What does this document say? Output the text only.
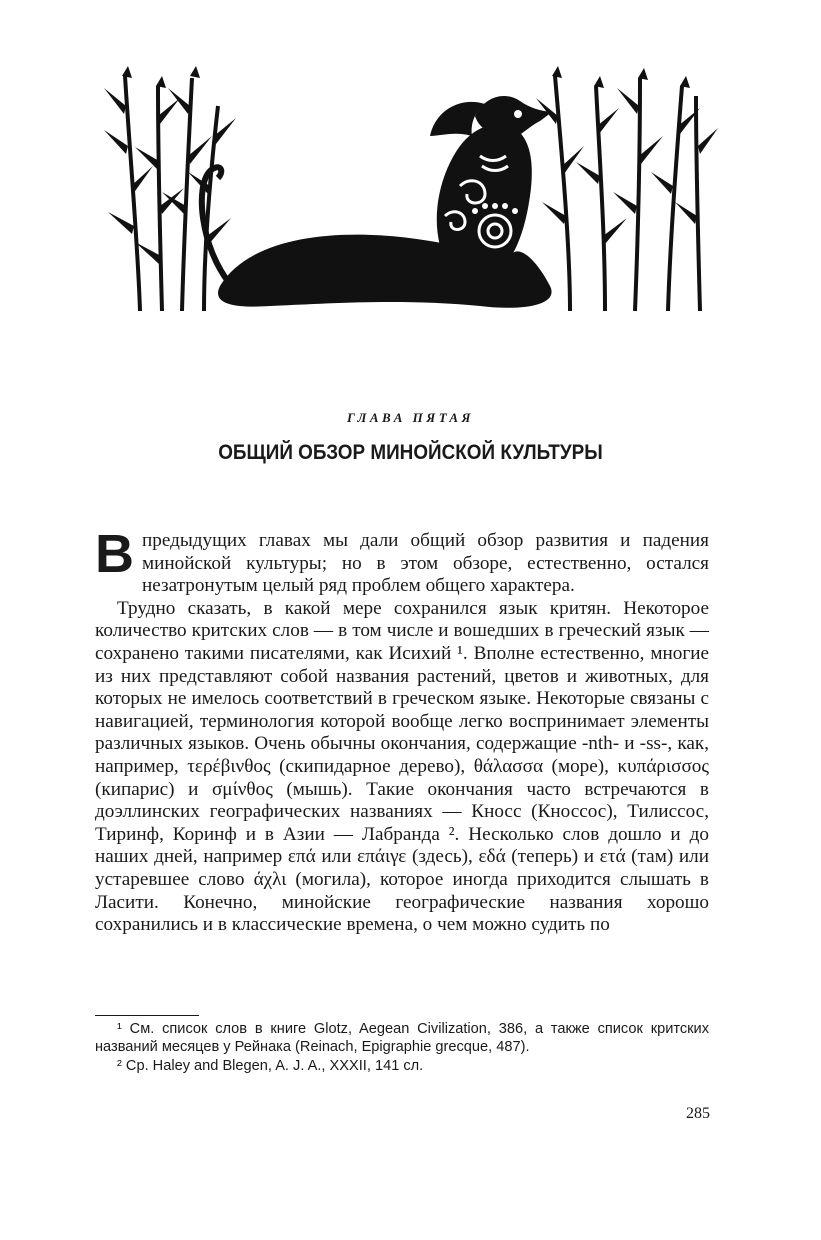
ГЛАВА ПЯТАЯ
ОБЩИЙ ОБЗОР МИНОЙСКОЙ КУЛЬТУРЫ

Впредыдущих главах мы дали общий обзор развития и падения минойской культуры; но в этом обзоре, естественно, остался незатронутым целый ряд проблем общего характера.

Трудно сказать, в какой мере сохранился язык критян. Некоторое количество критских слов — в том числе и вошедших в греческий язык — сохранено такими писателями, как Исихий ¹. Вполне естественно, многие из них представляют собой названия растений, цветов и животных, для которых не имелось соответствий в греческом языке. Некоторые связаны с навигацией, терминология которой вообще легко воспринимает элементы различных языков. Очень обычны окончания, содержащие -nth- и -ss-, как, например, τερέβινθος (скипидарное дерево), θάλασσα (море), κυπάρισσος (кипарис) и σμίνθος (мышь). Такие окончания часто встречаются в доэллинских географических названиях — Кносс (Кноссос), Тилиссос, Тиринф, Коринф и в Азии — Лабранда ². Несколько слов дошло и до наших дней, например επά или επάιγε (здесь), εδά (теперь) и ετά (там) или устаревшее слово άχλι (могила), которое иногда приходится слышать в Ласити. Конечно, минойские географические названия хорошо сохранились и в классические времена, о чем можно судить по

¹ См. список слов в книге Glotz, Aegean Civilization, 386, а также список критских названий месяцев у Рейнака (Reinach, Epigraphie grecque, 487).

² Ср. Haley and Blegen, A. J. A., XXXII, 141 сл.

285
